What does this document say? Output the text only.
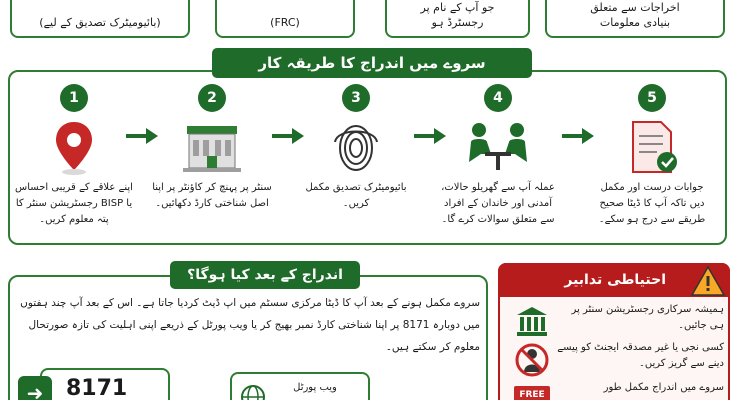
(بائیومیٹرک تصدیق کے لیے)	(FRC)
جو آپ کے نام پر
رجسٹرڈ ہو
اخراجات سے متعلق
بنیادی معلومات
سروے میں اندراج کا طریقہ کار
1
اپنے علاقے کے قریبی احساس یا BISP رجسٹریشن سنٹر کا پتہ معلوم کریں۔
2
سنٹر پر پہنچ کر کاؤنٹر پر اپنا اصل شناختی کارڈ دکھائیں۔
3
بائیومیٹرک تصدیق مکمل کریں۔
4
عملہ آپ سے گھریلو حالات، آمدنی اور خاندان کے افراد سے متعلق سوالات کرے گا۔
5
جوابات درست اور مکمل دیں تاکہ آپ کا ڈیٹا صحیح طریقے سے درج ہو سکے۔
اندراج کے بعد کیا ہوگا؟
سروے مکمل ہونے کے بعد آپ کا ڈیٹا مرکزی سسٹم میں اپ ڈیٹ کردیا جاتا ہے۔ اس کے بعد آپ چند ہفتوں میں دوبارہ 8171 پر اپنا شناختی کارڈ نمبر بھیج کر یا ویب پورٹل کے ذریعے اپنی اہلیت کی تازہ صورتحال معلوم کر سکتے ہیں۔
➜	8171	ویب پورٹل
احتیاطی تدابیر
ہمیشہ سرکاری رجسٹریشن سنٹر پر ہی جائیں۔
کسی نجی یا غیر مصدقہ ایجنٹ کو پیسے دینے سے گریز کریں۔
FREE
سروے میں اندراج مکمل طور
